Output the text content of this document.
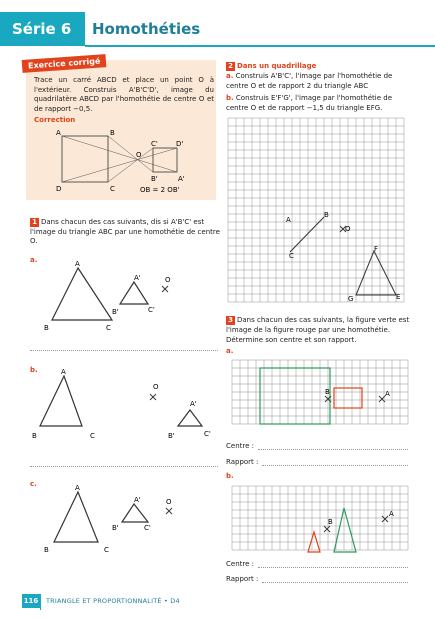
Série 6	Homothéties
Exercice corrigé
Trace un carré ABCD et place un point O à l'extérieur. Construis A'B'C'D', image du quadrilatère ABCD par l'homothétie de centre O et de rapport −0,5.
Correction
A	B
C
D
O
C'	D'
B'	A'
OB = 2 OB'
1 Dans chacun des cas suivants, dis si A'B'C' est l'image du triangle ABC par une homothétie de centre O.
a.	A
B	C
A'
B'	C'
O
b.	A
B	C
A'
B'	C'
O
c.	A
B	C
A'
B'	C'
O
2 Dans un quadrillage
a. Construis A'B'C', l'image par l'homothétie de centre O et de rapport 2 du triangle ABC
b. Construis E'F'G', l'image par l'homothétie de centre O et de rapport −1,5 du triangle EFG.
A
B
C
O
F
G	E
3 Dans chacun des cas suivants, la figure verte est l'image de la figure rouge par une homothétie.
Détermine son centre et son rapport.
a.
B	A
Centre :
Rapport :
b.
B
A
Centre :
Rapport :
116 TRIANGLE ET PROPORTIONNALITÉ • D4
